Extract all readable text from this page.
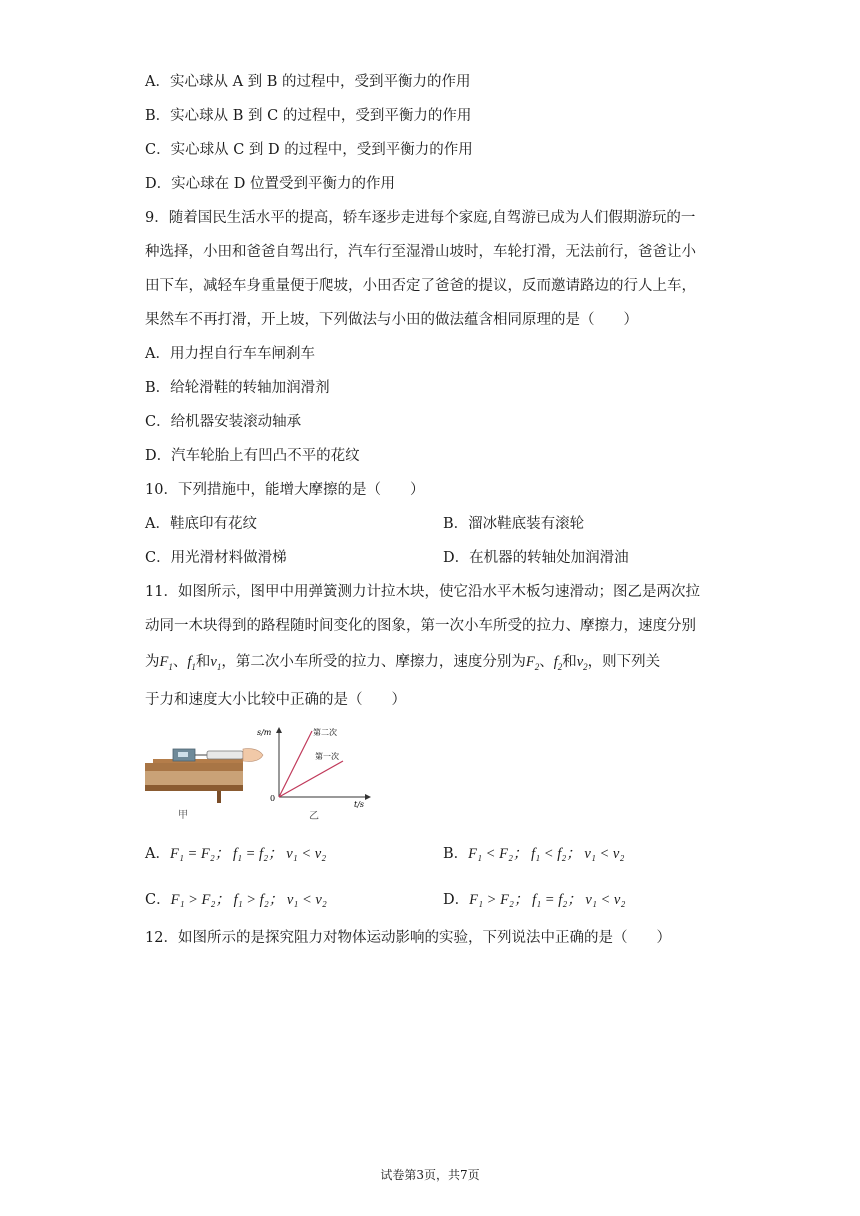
A．实心球从 A 到 B 的过程中，受到平衡力的作用
B．实心球从 B 到 C 的过程中，受到平衡力的作用
C．实心球从 C 到 D 的过程中，受到平衡力的作用
D．实心球在 D 位置受到平衡力的作用
9．随着国民生活水平的提高，轿车逐步走进每个家庭,自驾游已成为人们假期游玩的一
种选择，小田和爸爸自驾出行，汽车行至湿滑山坡时，车轮打滑，无法前行，爸爸让小
田下车，减轻车身重量便于爬坡，小田否定了爸爸的提议，反而邀请路边的行人上车，
果然车不再打滑，开上坡，下列做法与小田的做法蕴含相同原理的是（　　）
A．用力捏自行车车闸刹车
B．给轮滑鞋的转轴加润滑剂
C．给机器安装滚动轴承
D．汽车轮胎上有凹凸不平的花纹
10．下列措施中，能增大摩擦的是（　　）
A．鞋底印有花纹	B．溜冰鞋底装有滚轮
C．用光滑材料做滑梯	D．在机器的转轴处加润滑油
11．如图所示，图甲中用弹簧测力计拉木块，使它沿水平木板匀速滑动；图乙是两次拉
动同一木块得到的路程随时间变化的图象，第一次小车所受的拉力、摩擦力，速度分别
为$F_1$、$f_1$和$v_1$，第二次小车所受的拉力、摩擦力，速度分别为$F_2$、$f_2$和$v_2$，则下列关
于力和速度大小比较中正确的是（　　）
甲
s/m
t/s
0
第二次
第一次
乙
A．F₁ = F₂； f₁ = f₂； v₁ < v₂	B．F₁ < F₂； f₁ < f₂； v₁ < v₂
C．F₁ > F₂； f₁ > f₂； v₁ < v₂	D．F₁ > F₂； f₁ = f₂； v₁ < v₂
12．如图所示的是探究阻力对物体运动影响的实验，下列说法中正确的是（　　）
试卷第3页，共7页
